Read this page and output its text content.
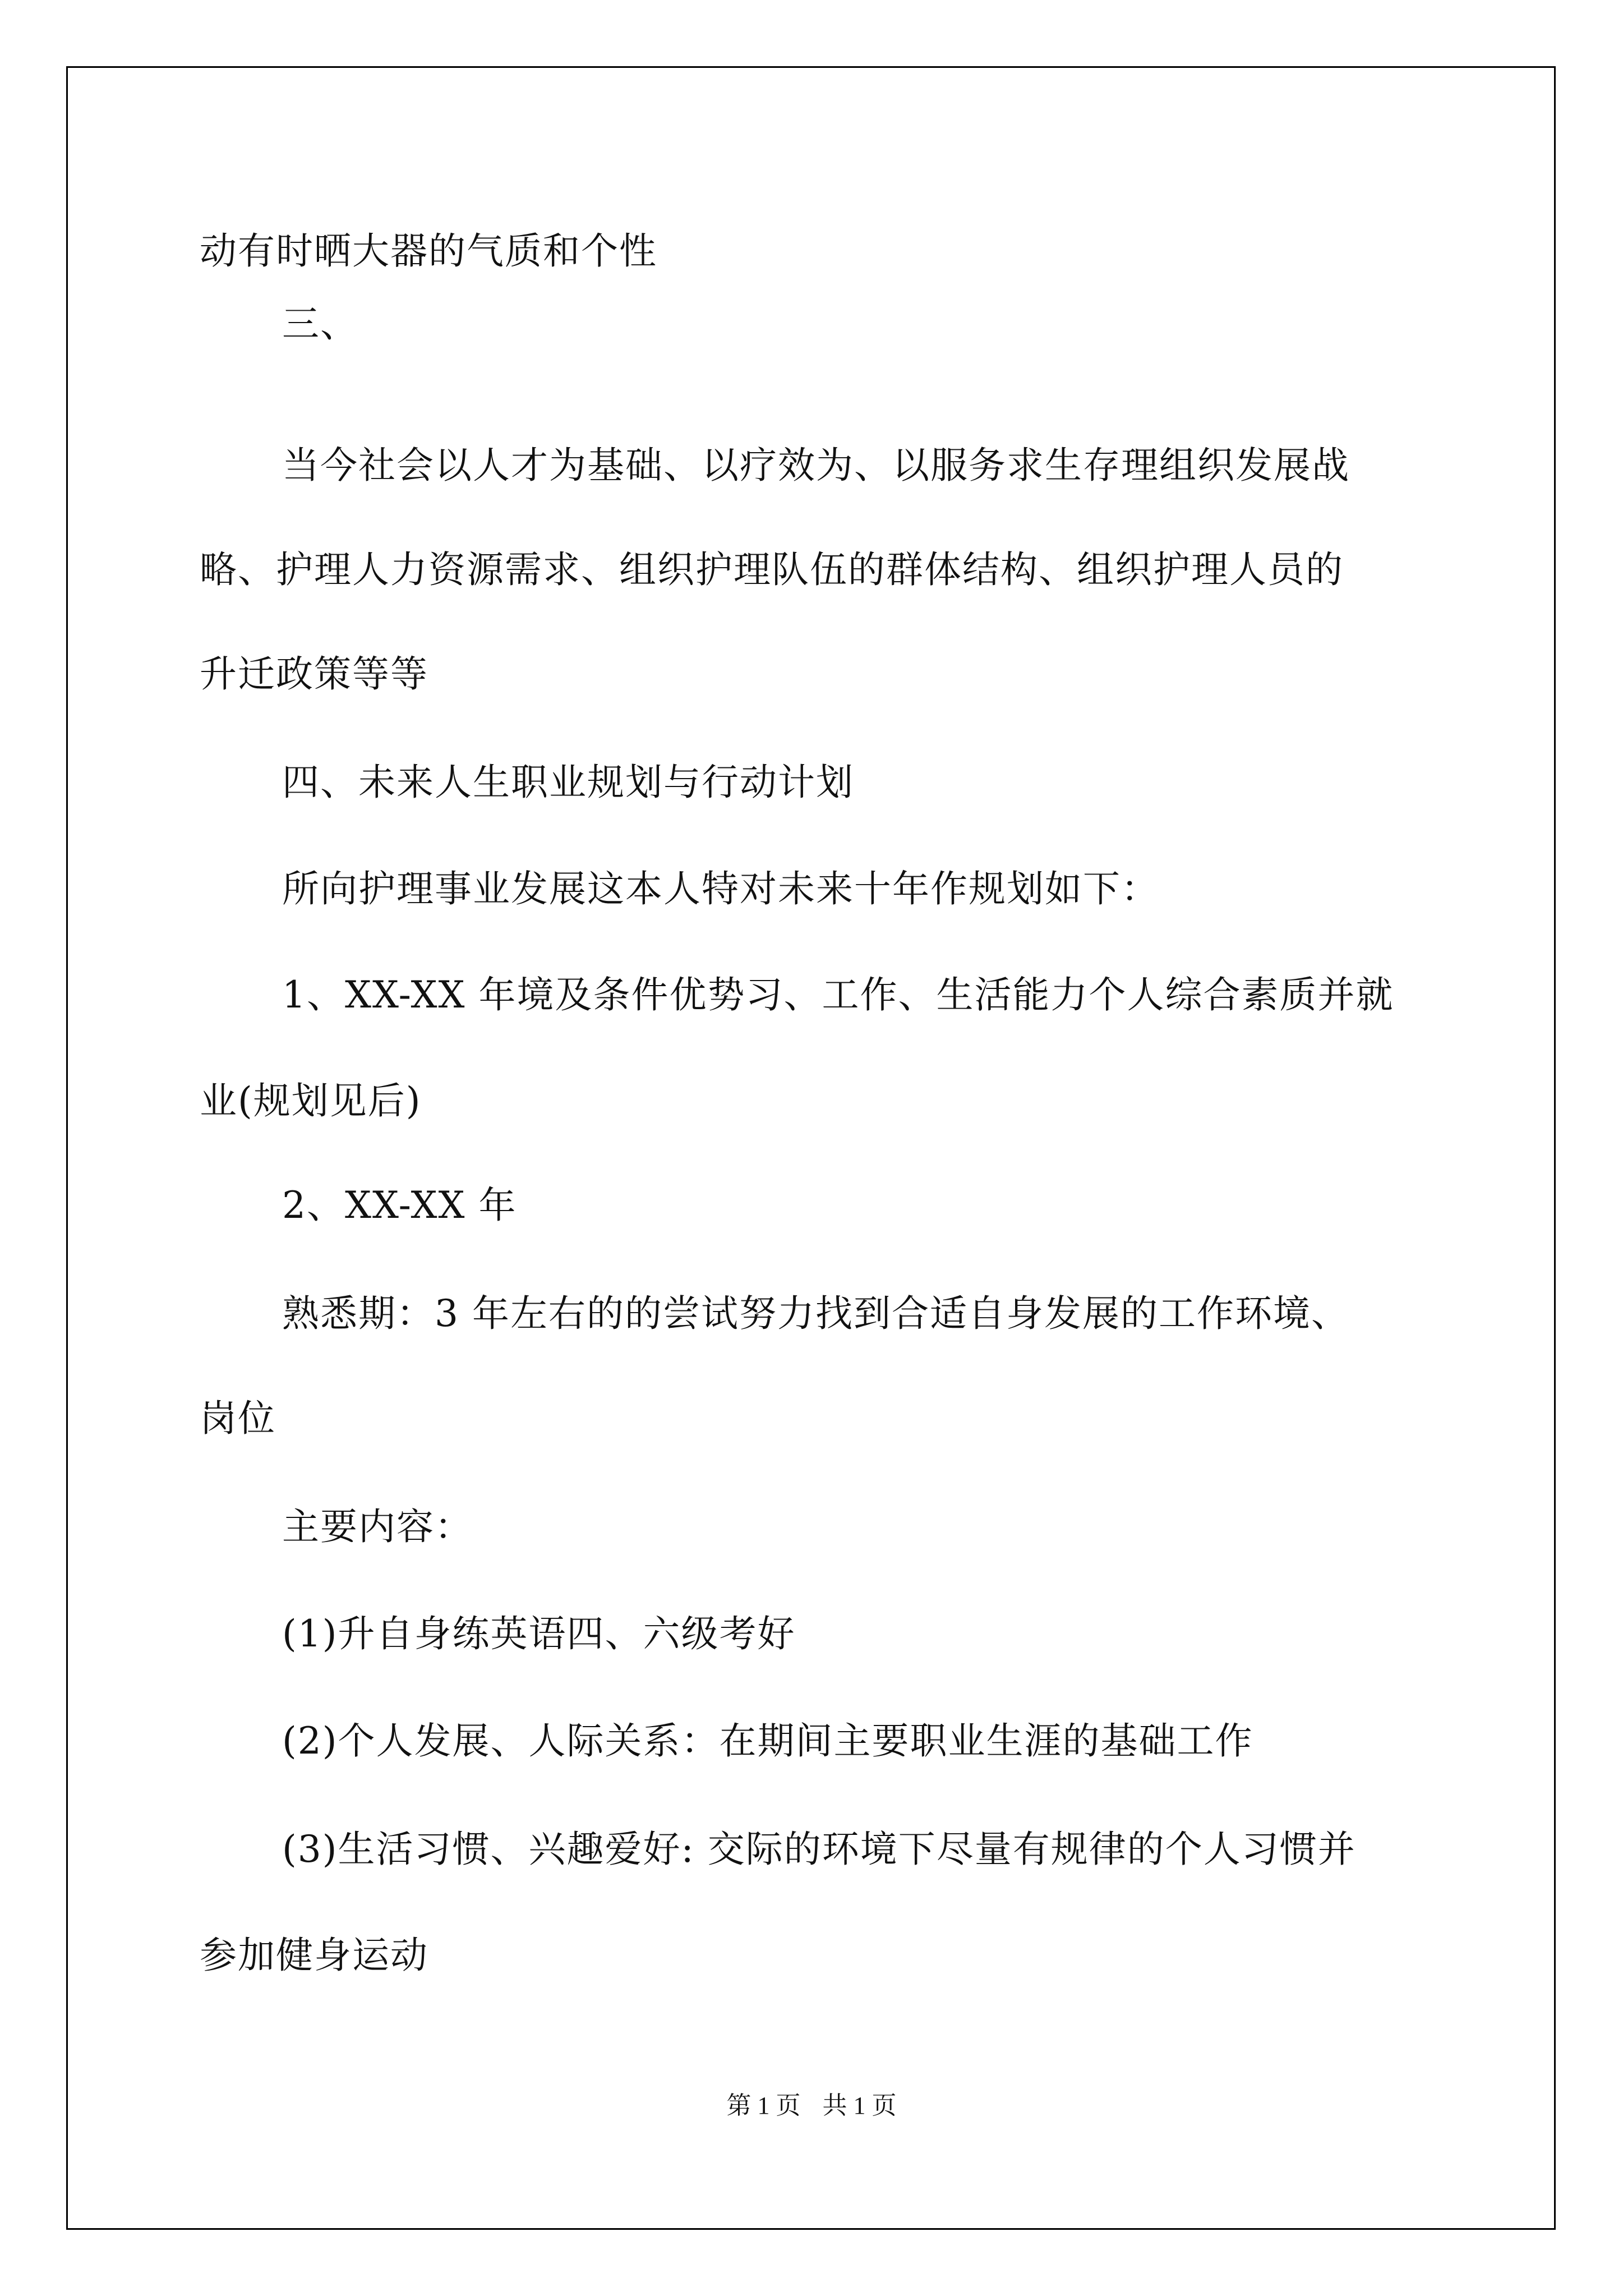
动有时晒大器的气质和个性
三、
当今社会以人才为基础、以疗效为、以服务求生存理组织发展战
略、护理人力资源需求、组织护理队伍的群体结构、组织护理人员的
升迁政策等等
四、未来人生职业规划与行动计划
所向护理事业发展这本人特对未来十年作规划如下：
1、XX-XX 年境及条件优势习、工作、生活能力个人综合素质并就
业(规划见后)
2、XX-XX 年
熟悉期：3 年左右的的尝试努力找到合适自身发展的工作环境、
岗位
主要内容：
(1)升自身练英语四、六级考好
(2)个人发展、人际关系：在期间主要职业生涯的基础工作
(3)生活习惯、兴趣爱好: 交际的环境下尽量有规律的个人习惯并
参加健身运动
第 1 页 共 1 页
